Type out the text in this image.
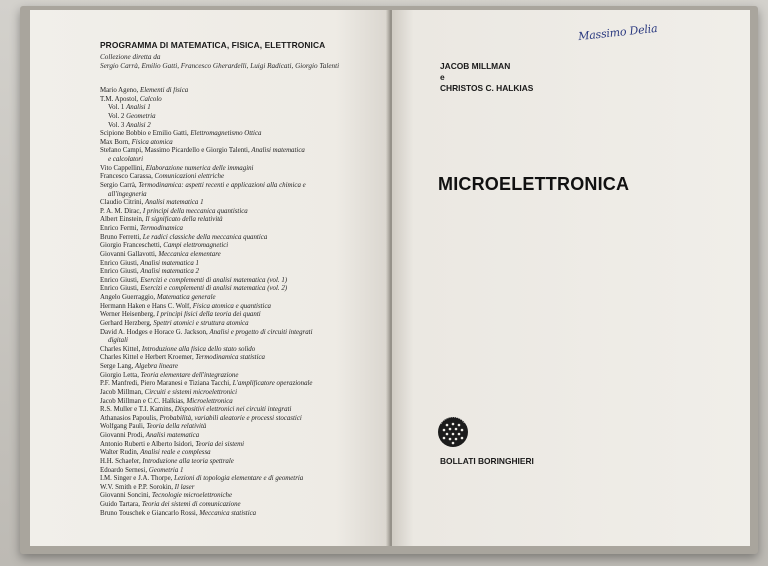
PROGRAMMA DI MATEMATICA, FISICA, ELETTRONICA
Collezione diretta da
Sergio Carrà, Emilio Gatti, Francesco Gherardelli, Luigi Radicati, Giorgio Talenti
Mario Ageno, Elementi di fisica
T.M. Apostol, Calcolo
Vol. 1 Analisi 1
Vol. 2 Geometria
Vol. 3 Analisi 2
Scipione Bobbio e Emilio Gatti, Elettromagnetismo Ottica
Max Born, Fisica atomica
Stefano Campi, Massimo Picardello e Giorgio Talenti, Analisi matematica
e calcolatori
Vito Cappellini, Elaborazione numerica delle immagini
Francesco Carassa, Comunicazioni elettriche
Sergio Carrà, Termodinamica: aspetti recenti e applicazioni alla chimica e
all'ingegneria
Claudio Citrini, Analisi matematica 1
P. A. M. Dirac, I principi della meccanica quantistica
Albert Einstein, Il significato della relatività
Enrico Fermi, Termodinamica
Bruno Ferretti, Le radici classiche della meccanica quantica
Giorgio Franceschetti, Campi elettromagnetici
Giovanni Gallavotti, Meccanica elementare
Enrico Giusti, Analisi matematica 1
Enrico Giusti, Analisi matematica 2
Enrico Giusti, Esercizi e complementi di analisi matematica (vol. 1)
Enrico Giusti, Esercizi e complementi di analisi matematica (vol. 2)
Angelo Guerraggio, Matematica generale
Hermann Haken e Hans C. Wolf, Fisica atomica e quantistica
Werner Heisenberg, I principi fisici della teoria dei quanti
Gerhard Herzberg, Spettri atomici e struttura atomica
David A. Hodges e Horace G. Jackson, Analisi e progetto di circuiti integrati
digitali
Charles Kittel, Introduzione alla fisica dello stato solido
Charles Kittel e Herbert Kroemer, Termodinamica statistica
Serge Lang, Algebra lineare
Giorgio Letta, Teoria elementare dell'integrazione
P.F. Manfredi, Piero Maranesi e Tiziana Tacchi, L'amplificatore operazionale
Jacob Millman, Circuiti e sistemi microelettronici
Jacob Millman e C.C. Halkias, Microelettronica
R.S. Muller e T.I. Kamins, Dispositivi elettronici nei circuiti integrati
Athanasios Papoulis, Probabilità, variabili aleatorie e processi stocastici
Wolfgang Pauli, Teoria della relatività
Giovanni Prodi, Analisi matematica
Antonio Ruberti e Alberto Isidori, Teoria dei sistemi
Walter Rudin, Analisi reale e complessa
H.H. Schaefer, Introduzione alla teoria spettrale
Edoardo Sernesi, Geometria 1
I.M. Singer e J.A. Thorpe, Lezioni di topologia elementare e di geometria
W.V. Smith e P.P. Sorokin, Il laser
Giovanni Soncini, Tecnologie microelettroniche
Guido Tartara, Teoria dei sistemi di comunicazione
Bruno Touschek e Giancarlo Rossi, Meccanica statistica
Massimo Delia
JACOB MILLMAN
e
CHRISTOS C. HALKIAS
MICROELETTRONICA
BOLLATI BORINGHIERI
